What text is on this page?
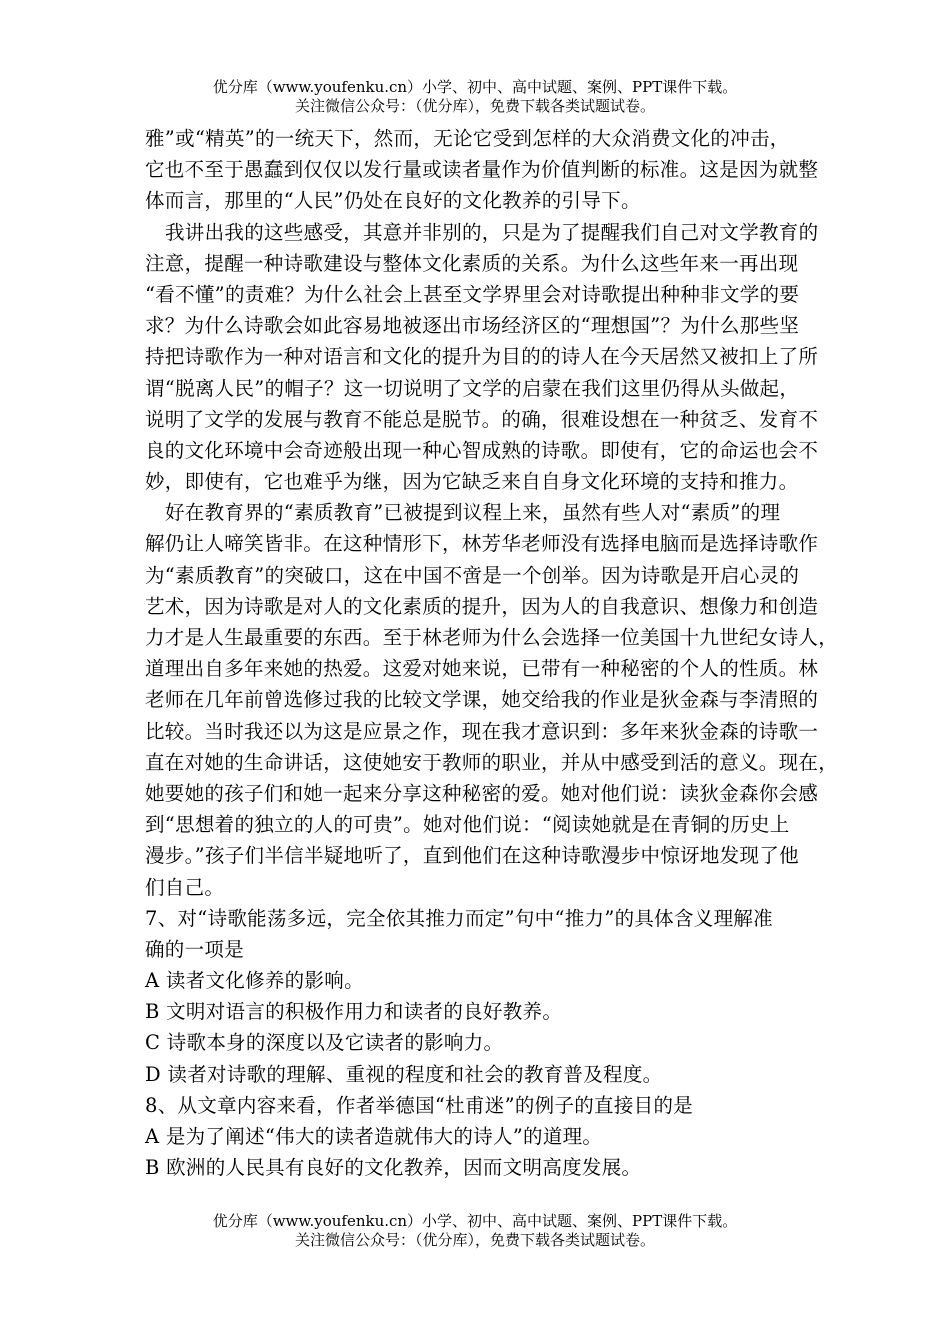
优分库（www.youfenku.cn）小学、初中、高中试题、案例、PPT课件下载。
关注微信公众号：（优分库），免费下载各类试题试卷。
雅”或“精英”的一统天下，然而，无论它受到怎样的大众消费文化的冲击，
它也不至于愚蠢到仅仅以发行量或读者量作为价值判断的标准。这是因为就整
体而言，那里的“人民”仍处在良好的文化教养的引导下。
我讲出我的这些感受，其意并非别的，只是为了提醒我们自己对文学教育的
注意，提醒一种诗歌建设与整体文化素质的关系。为什么这些年来一再出现
“看不懂”的责难？为什么社会上甚至文学界里会对诗歌提出种种非文学的要
求？为什么诗歌会如此容易地被逐出市场经济区的“理想国”？为什么那些坚
持把诗歌作为一种对语言和文化的提升为目的的诗人在今天居然又被扣上了所
谓“脱离人民”的帽子？这一切说明了文学的启蒙在我们这里仍得从头做起，
说明了文学的发展与教育不能总是脱节。的确，很难设想在一种贫乏、发育不
良的文化环境中会奇迹般出现一种心智成熟的诗歌。即使有，它的命运也会不
妙，即使有，它也难乎为继，因为它缺乏来自自身文化环境的支持和推力。
好在教育界的“素质教育”已被提到议程上来，虽然有些人对“素质”的理
解仍让人啼笑皆非。在这种情形下，林芳华老师没有选择电脑而是选择诗歌作
为“素质教育”的突破口，这在中国不啻是一个创举。因为诗歌是开启心灵的
艺术，因为诗歌是对人的文化素质的提升，因为人的自我意识、想像力和创造
力才是人生最重要的东西。至于林老师为什么会选择一位美国十九世纪女诗人，
道理出自多年来她的热爱。这爱对她来说，已带有一种秘密的个人的性质。林
老师在几年前曾选修过我的比较文学课，她交给我的作业是狄金森与李清照的
比较。当时我还以为这是应景之作，现在我才意识到：多年来狄金森的诗歌一
直在对她的生命讲话，这使她安于教师的职业，并从中感受到活的意义。现在，
她要她的孩子们和她一起来分享这种秘密的爱。她对他们说：读狄金森你会感
到“思想着的独立的人的可贵”。她对他们说：“阅读她就是在青铜的历史上
漫步。”孩子们半信半疑地听了，直到他们在这种诗歌漫步中惊讶地发现了他
们自己。
7、对“诗歌能荡多远，完全依其推力而定”句中“推力”的具体含义理解准
确的一项是
A 读者文化修养的影响。
B 文明对语言的积极作用力和读者的良好教养。
C 诗歌本身的深度以及它读者的影响力。
D 读者对诗歌的理解、重视的程度和社会的教育普及程度。
8、从文章内容来看，作者举德国“杜甫迷”的例子的直接目的是
A 是为了阐述“伟大的读者造就伟大的诗人”的道理。
B 欧洲的人民具有良好的文化教养，因而文明高度发展。
优分库（www.youfenku.cn）小学、初中、高中试题、案例、PPT课件下载。
关注微信公众号：（优分库），免费下载各类试题试卷。
